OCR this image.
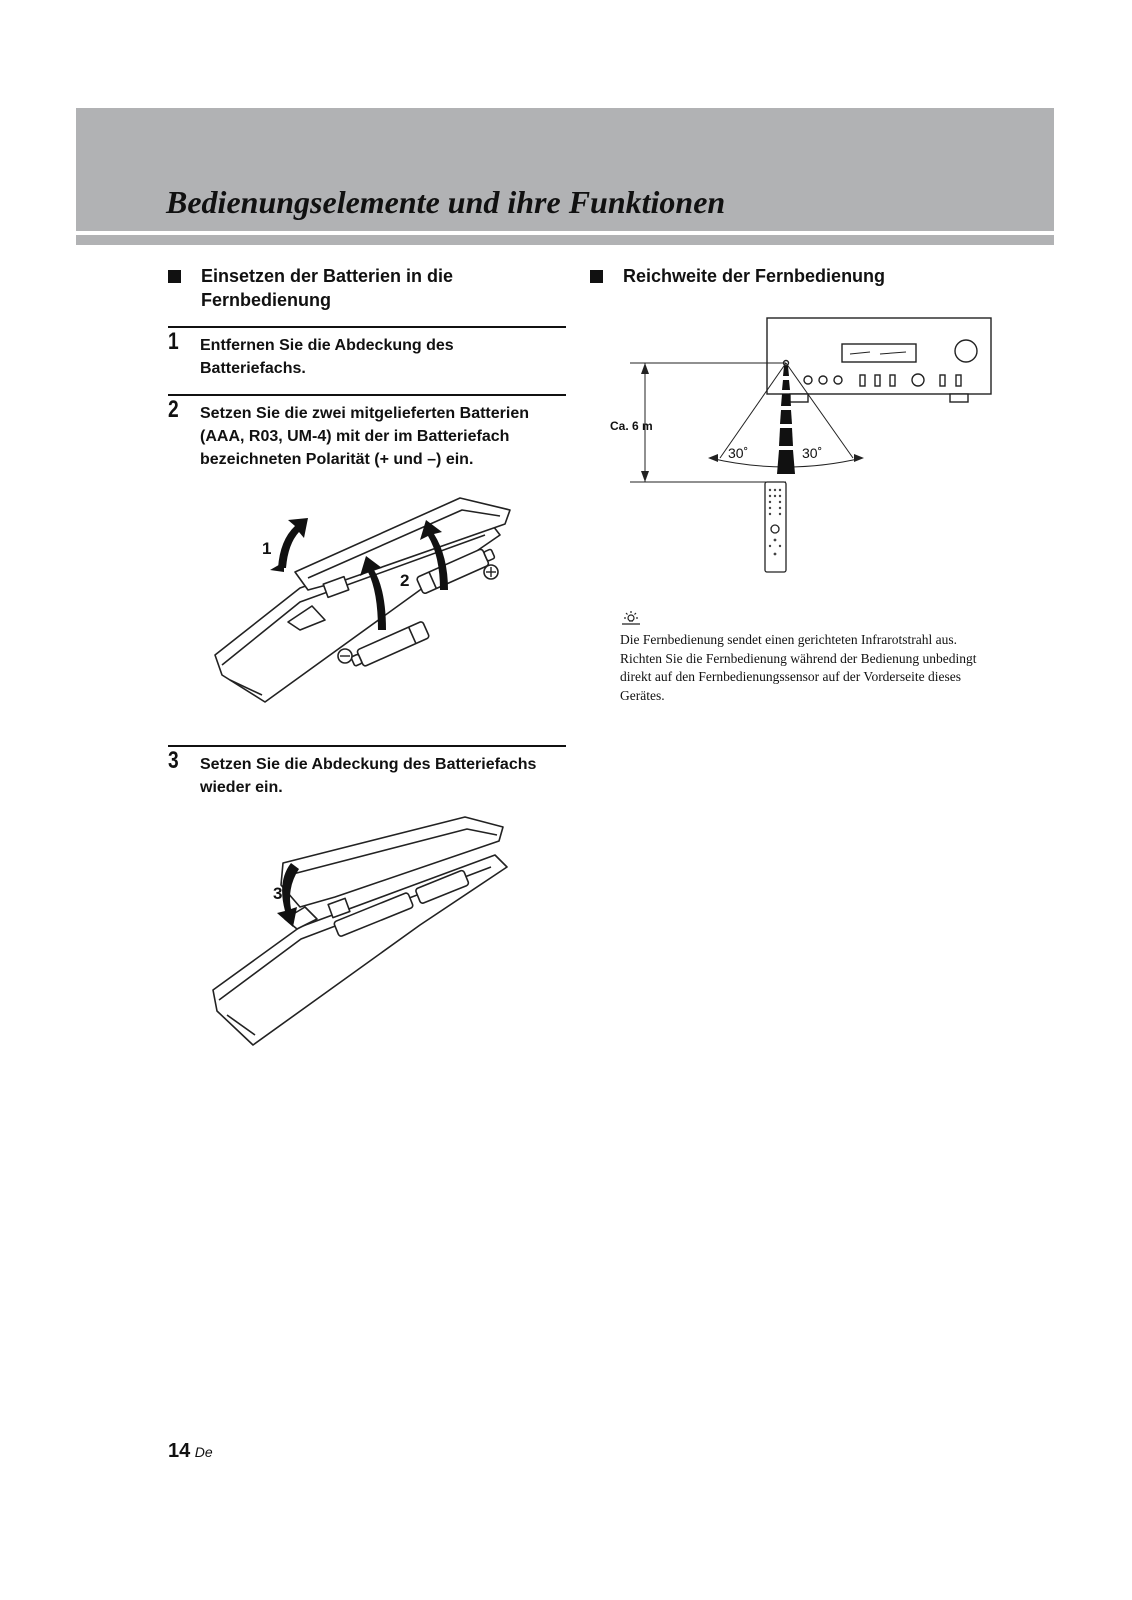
Bedienungselemente und ihre Funktionen
Einsetzen der Batterien in die Fernbedienung
1 Entfernen Sie die Abdeckung des Batteriefachs.
2 Setzen Sie die zwei mitgelieferten Batterien (AAA, R03, UM-4) mit der im Batteriefach bezeichneten Polarität (+ und –) ein.
1
2
3 Setzen Sie die Abdeckung des Batteriefachs wieder ein.
3
Reichweite der Fernbedienung
Ca. 6 m
30˚	30˚
Die Fernbedienung sendet einen gerichteten Infrarotstrahl aus. Richten Sie die Fernbedienung während der Bedienung unbedingt direkt auf den Fernbedienungssensor auf der Vorderseite dieses Gerätes.
14 De
